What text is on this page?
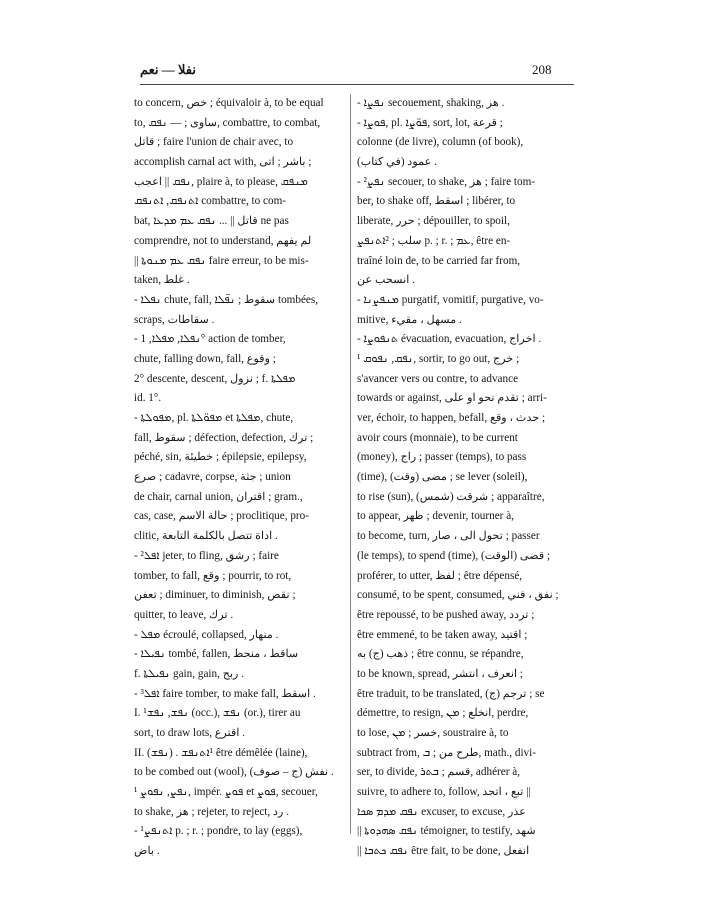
نفلا — نعم	208
to concern, خص ; équivaloir à, to be equal
to, ساوى ; — ܢܦܩ, combattre, to combat,
قاتل ; faire l'union de chair avec, to
accomplish carnal act with, باشر ; اتى ;
ܢܦܩ || اعجب, plaire à, to please, ܡܢܦܩ
ܐܬܢܦܩ, ܐܬܢܦܩ combattre, to com-
bat, قاتل || ... ܢܦܩ ܥܡ ܡܕܥܐ ne pas
comprendre, not to understand, لم يفهم
|| ܢܦܩ ܥܡ ܡܢܘܬܐ faire erreur, to be mis-
taken, غلط .
- ܢܦܠܐ chute, fall, سقوط ; ܢܦ̈ܠܐ tombées,
scraps, سقاطات .
- ܢܦܠܐ, ܡܦܠܐ, 1° action de tomber,
chute, falling down, fall, وقوع ;
2° descente, descent, نزول ; f. ܡܦܠܬܐ
id. 1°.
- ܡܦܘܠܬܐ, pl. ܡܦܘ̈ܠܬܐ et ܡܦܠܬܐ, chute,
fall, سقوط ; défection, defection, ترك ;
péché, sin, خطيئة ; épilepsie, epilepsy,
صرع ; cadavre, corpse, جثة ; union
de chair, carnal union, اقتران ; gram.,
cas, case, حالة الاسم ; proclitique, pro-
clitic, اداة تتصل بالكلمة التابعة .
- ²ܐܦܠ jeter, to fling, رشق ; faire
tomber, to fall, وقع ; pourrir, to rot,
تعفن ; diminuer, to diminish, نقص ;
quitter, to leave, ترك .
- ܡܦܠ écroulé, collapsed, منهار .
- ܢܦܝܠܐ tombé, fallen, ساقط ، منحط
f. ܢܦܝܠܬܐ gain, gain, ربح .
- ³ܐܦܠ faire tomber, to make fall, اسقط .
I. ¹ܢܦܫ, ܢܦܫ (occ.), ܢܦܫ (or.), tirer au
sort, to draw lots, اقترع .
II. (ܢܦܫ) . ¹ܐܬܢܦܫ être démêlée (laine),
to be combed out (wool), (نفش (ج – صوف .
¹ ܢܦܨ, ܢܦܘܨ, impér. ܦܘܨ et ܦܘܨ, secouer,
to shake, هز ; rejeter, to reject, رد .
- ¹ܐܬܢܦܨ p. ; r. ; pondre, to lay (eggs),
باض .
- ܢܦܨܐ secouement, shaking, هز .
- ܦܘܨܐ, pl. ܦܘ̈ܨܐ, sort, lot, قرعة ;
colonne (de livre), column (of book),
عمود (في كتاب) .
- ²ܢܦܨ secouer, to shake, هز ; faire tom-
ber, to shake off, اسقط ; libérer, to
liberate, حرر ; dépouiller, to spoil,
سلب ; ²ܐܬܢܦܨ p. ; r. ; ܥܡ, être en-
traîné loin de, to be carried far from,
انسحب عن .
- ܡܢܦܨܢܐ purgatif, vomitif, purgative, vo-
mitive, مسهل ، مقيء .
- ܬܢܦܘܨܐ évacuation, evacuation, اخراج .
¹ ܢܦܩ, ܢܦܘܩ, sortir, to go out, خرج ;
s'avancer vers ou contre, to advance
towards or against, تقدم نحو او على ; arri-
ver, échoir, to happen, befall, حدث ، وقع ;
avoir cours (monnaie), to be current
(money), راج ; passer (temps), to pass
(time), مضى (وقت) ; se lever (soleil),
to rise (sun), شرقت (شمس) ; apparaître,
to appear, ظهر ; devenir, tourner à,
to become, turn, تحول الى ، صار ; passer
(le temps), to spend (time), قضى (الوقت) ;
proférer, to utter, لفظ ; être dépensé,
consumé, to be spent, consumed, نفق ، فني ;
être repoussé, to be pushed away, تردد ;
être emmené, to be taken away, اقتيد ;
ذهب (ج) به ; être connu, se répandre,
to be known, spread, انعرف ، انتشر ;
être traduit, to be translated, ترجم (ج) ; se
démettre, to resign, انخلع ; ܡܢ, perdre,
to lose, خسر ; ܡܢ, soustraire à, to
subtract from, طرح من ; ܒ, math., divi-
ser, to divide, قسم ; ܒܬܪ, adhérer à,
suivre, to adhere to, follow, تبع ، اتحد ||
ܢܦܩ ܡܕܡ ܣܟܐ excuser, to excuse, عذر
|| ܢܦܩ ܣܗܕܘܬܐ témoigner, to testify, شهد
|| ܢܦܩ ܟܬܒܐ être fait, to be done, انفعل
